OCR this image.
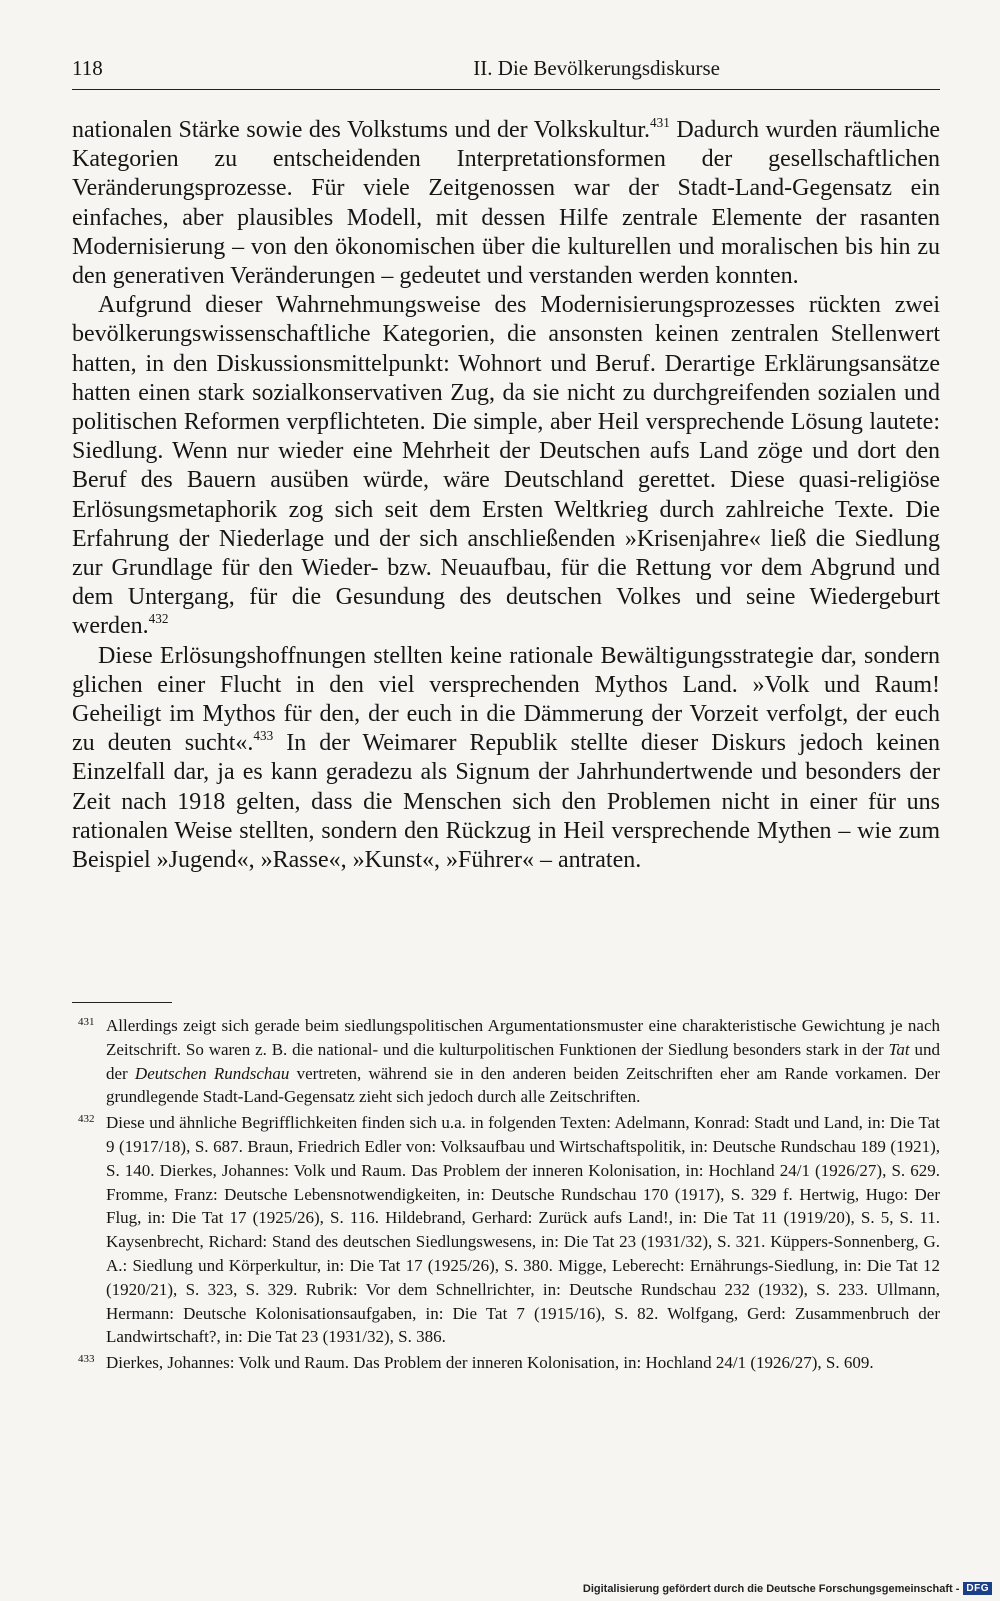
118	II. Die Bevölkerungsdiskurse

nationalen Stärke sowie des Volkstums und der Volkskultur.$^{431}$ Dadurch wurden räumliche Kategorien zu entscheidenden Interpretationsformen der gesellschaftlichen Veränderungsprozesse. Für viele Zeitgenossen war der Stadt-Land-Gegensatz ein einfaches, aber plausibles Modell, mit dessen Hilfe zentrale Elemente der rasanten Modernisierung – von den ökonomischen über die kulturellen und moralischen bis hin zu den generativen Veränderungen – gedeutet und verstanden werden konnten.

Aufgrund dieser Wahrnehmungsweise des Modernisierungsprozesses rückten zwei bevölkerungswissenschaftliche Kategorien, die ansonsten keinen zentralen Stellenwert hatten, in den Diskussionsmittelpunkt: Wohnort und Beruf. Derartige Erklärungsansätze hatten einen stark sozialkonservativen Zug, da sie nicht zu durchgreifenden sozialen und politischen Reformen verpflichteten. Die simple, aber Heil versprechende Lösung lautete: Siedlung. Wenn nur wieder eine Mehrheit der Deutschen aufs Land zöge und dort den Beruf des Bauern ausüben würde, wäre Deutschland gerettet. Diese quasi-religiöse Erlösungsmetaphorik zog sich seit dem Ersten Weltkrieg durch zahlreiche Texte. Die Erfahrung der Niederlage und der sich anschließenden »Krisenjahre« ließ die Siedlung zur Grundlage für den Wieder- bzw. Neuaufbau, für die Rettung vor dem Abgrund und dem Untergang, für die Gesundung des deutschen Volkes und seine Wiedergeburt werden.$^{432}$

Diese Erlösungshoffnungen stellten keine rationale Bewältigungsstrategie dar, sondern glichen einer Flucht in den viel versprechenden Mythos Land. »Volk und Raum! Geheiligt im Mythos für den, der euch in die Dämmerung der Vorzeit verfolgt, der euch zu deuten sucht«.$^{433}$ In der Weimarer Republik stellte dieser Diskurs jedoch keinen Einzelfall dar, ja es kann geradezu als Signum der Jahrhundertwende und besonders der Zeit nach 1918 gelten, dass die Menschen sich den Problemen nicht in einer für uns rationalen Weise stellten, sondern den Rückzug in Heil versprechende Mythen – wie zum Beispiel »Jugend«, »Rasse«, »Kunst«, »Führer« – antraten.

431 Allerdings zeigt sich gerade beim siedlungspolitischen Argumentationsmuster eine charakteristische Gewichtung je nach Zeitschrift. So waren z. B. die national- und die kulturpolitischen Funktionen der Siedlung besonders stark in der Tat und der Deutschen Rundschau vertreten, während sie in den anderen beiden Zeitschriften eher am Rande vorkamen. Der grundlegende Stadt-Land-Gegensatz zieht sich jedoch durch alle Zeitschriften.
432 Diese und ähnliche Begrifflichkeiten finden sich u.a. in folgenden Texten: Adelmann, Konrad: Stadt und Land, in: Die Tat 9 (1917/18), S. 687. Braun, Friedrich Edler von: Volksaufbau und Wirtschaftspolitik, in: Deutsche Rundschau 189 (1921), S. 140. Dierkes, Johannes: Volk und Raum. Das Problem der inneren Kolonisation, in: Hochland 24/1 (1926/27), S. 629. Fromme, Franz: Deutsche Lebensnotwendigkeiten, in: Deutsche Rundschau 170 (1917), S. 329 f. Hertwig, Hugo: Der Flug, in: Die Tat 17 (1925/26), S. 116. Hildebrand, Gerhard: Zurück aufs Land!, in: Die Tat 11 (1919/20), S. 5, S. 11. Kaysenbrecht, Richard: Stand des deutschen Siedlungswesens, in: Die Tat 23 (1931/32), S. 321. Küppers-Sonnenberg, G. A.: Siedlung und Körperkultur, in: Die Tat 17 (1925/26), S. 380. Migge, Leberecht: Ernährungs-Siedlung, in: Die Tat 12 (1920/21), S. 323, S. 329. Rubrik: Vor dem Schnellrichter, in: Deutsche Rundschau 232 (1932), S. 233. Ullmann, Hermann: Deutsche Kolonisationsaufgaben, in: Die Tat 7 (1915/16), S. 82. Wolfgang, Gerd: Zusammenbruch der Landwirtschaft?, in: Die Tat 23 (1931/32), S. 386.
433 Dierkes, Johannes: Volk und Raum. Das Problem der inneren Kolonisation, in: Hochland 24/1 (1926/27), S. 609.
Digitalisierung gefördert durch die Deutsche Forschungsgemeinschaft - DFG
